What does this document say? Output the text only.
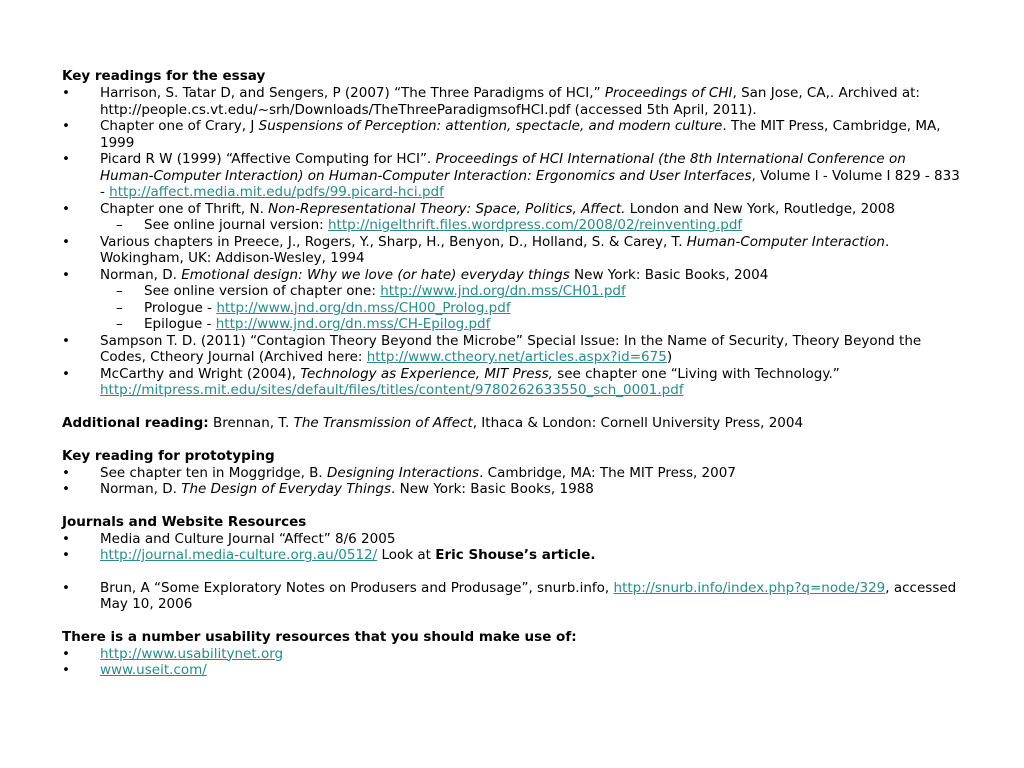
Key readings for the essay
•	Harrison, S. Tatar D, and Sengers, P (2007) “The Three Paradigms of HCI,” Proceedings of CHI, San Jose, CA,. Archived at: http://people.cs.vt.edu/~srh/Downloads/TheThreeParadigmsofHCI.pdf (accessed 5th April, 2011).
•	Chapter one of Crary, J Suspensions of Perception: attention, spectacle, and modern culture. The MIT Press, Cambridge, MA, 1999
•	Picard R W (1999) “Affective Computing for HCI”. Proceedings of HCI International (the 8th International Conference on Human-Computer Interaction) on Human-Computer Interaction: Ergonomics and User Interfaces, Volume I - Volume I 829 - 833 - http://affect.media.mit.edu/pdfs/99.picard-hci.pdf
•	Chapter one of Thrift, N. Non-Representational Theory: Space, Politics, Affect. London and New York, Routledge, 2008
– See online journal version: http://nigelthrift.files.wordpress.com/2008/02/reinventing.pdf
•	Various chapters in Preece, J., Rogers, Y., Sharp, H., Benyon, D., Holland, S. & Carey, T. Human-Computer Interaction. Wokingham, UK: Addison-Wesley, 1994
•	Norman, D. Emotional design: Why we love (or hate) everyday things New York: Basic Books, 2004
– See online version of chapter one: http://www.jnd.org/dn.mss/CH01.pdf
– Prologue - http://www.jnd.org/dn.mss/CH00_Prolog.pdf
– Epilogue - http://www.jnd.org/dn.mss/CH-Epilog.pdf
•	Sampson T. D. (2011) “Contagion Theory Beyond the Microbe” Special Issue: In the Name of Security, Theory Beyond the Codes, Ctheory Journal (Archived here: http://www.ctheory.net/articles.aspx?id=675)
•	McCarthy and Wright (2004), Technology as Experience, MIT Press, see chapter one “Living with Technology.” http://mitpress.mit.edu/sites/default/files/titles/content/9780262633550_sch_0001.pdf
Additional reading: Brennan, T. The Transmission of Affect, Ithaca & London: Cornell University Press, 2004
Key reading for prototyping
•	See chapter ten in Moggridge, B. Designing Interactions. Cambridge, MA: The MIT Press, 2007
•	Norman, D. The Design of Everyday Things. New York: Basic Books, 1988
Journals and Website Resources
•	Media and Culture Journal “Affect” 8/6 2005
•	http://journal.media-culture.org.au/0512/ Look at Eric Shouse’s article.
•	Brun, A “Some Exploratory Notes on Produsers and Produsage”, snurb.info, http://snurb.info/index.php?q=node/329, accessed May 10, 2006
There is a number usability resources that you should make use of:
•	http://www.usabilitynet.org
•	www.useit.com/
